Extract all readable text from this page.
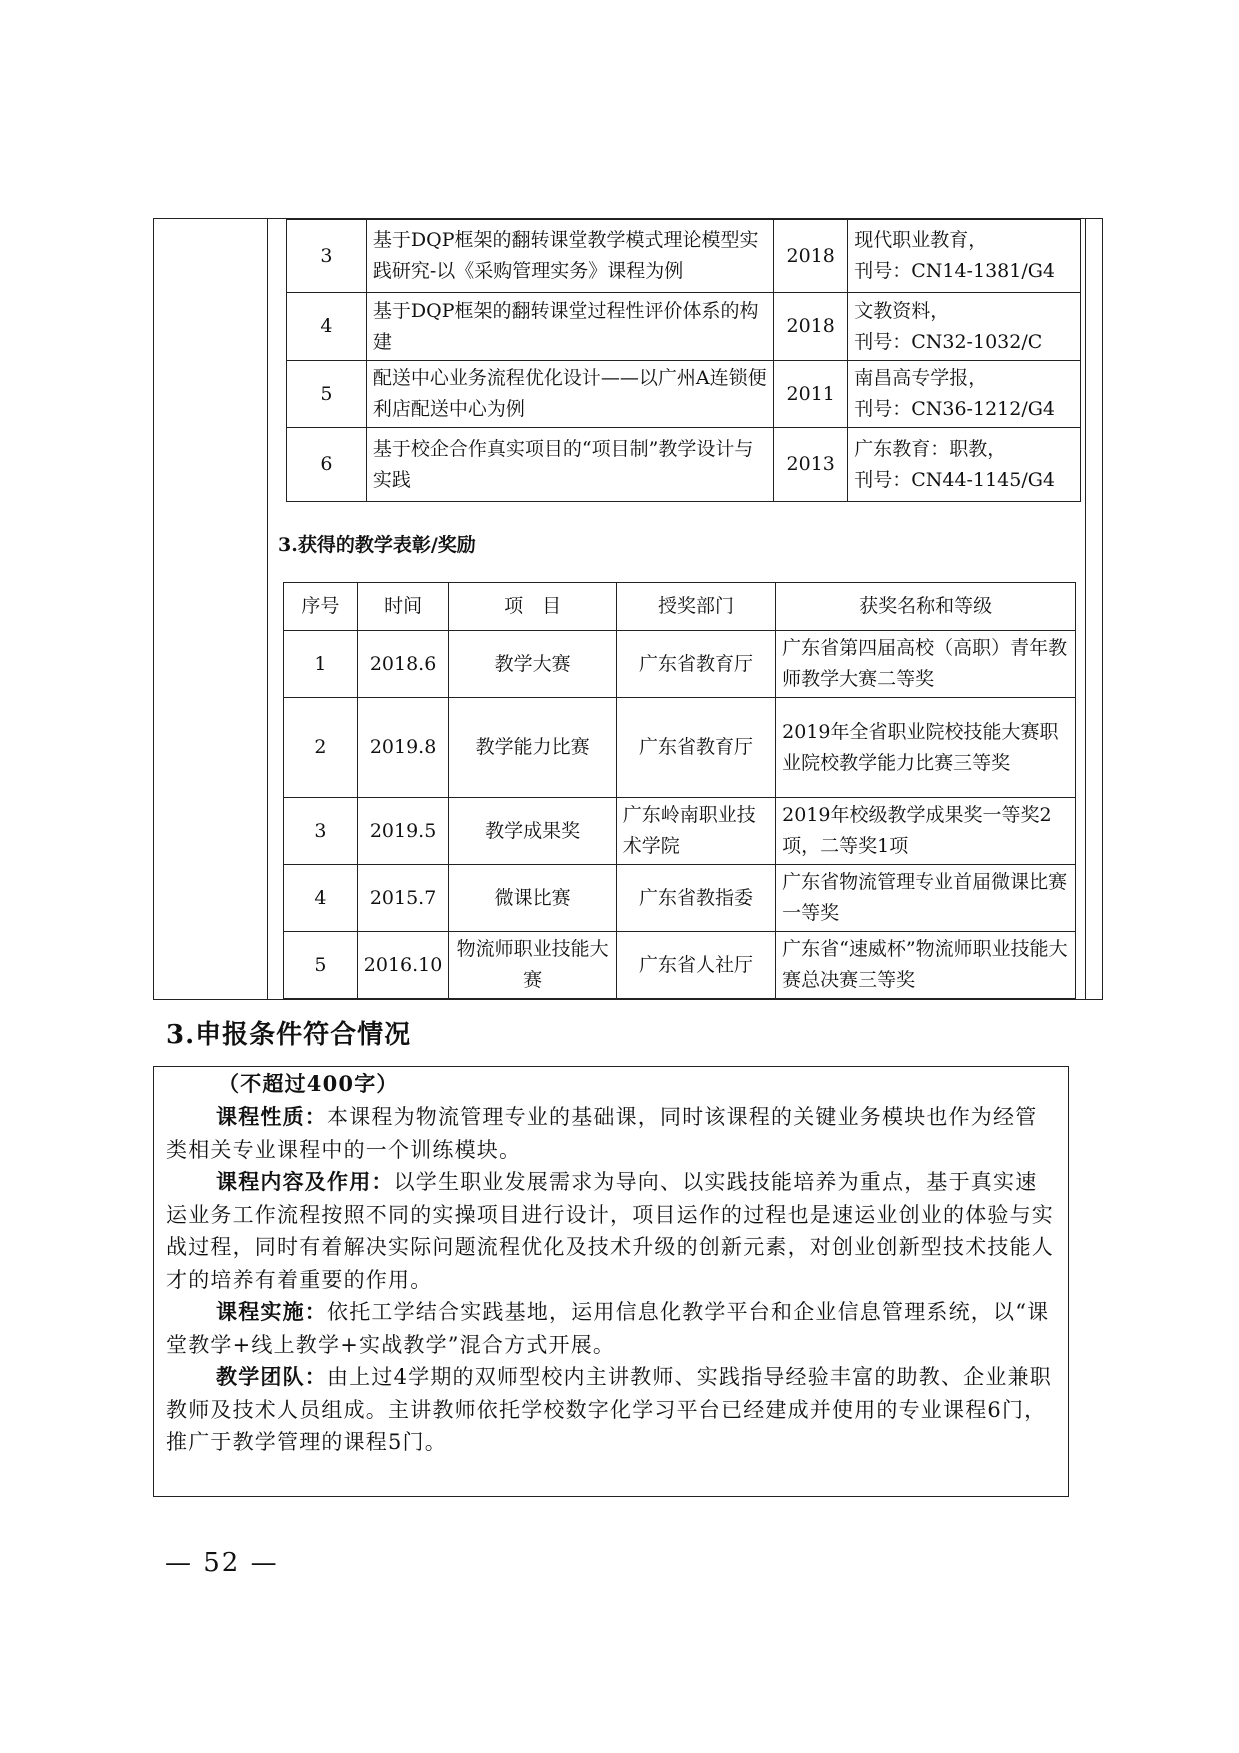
3	基于DQP框架的翻转课堂教学模式理论模型实践研究-以《采购管理实务》课程为例	2018	现代职业教育，
刊号：CN14-1381/G4
4	基于DQP框架的翻转课堂过程性评价体系的构建	2018	文教资料，
刊号：CN32-1032/C
5	配送中心业务流程优化设计——以广州A连锁便利店配送中心为例	2011	南昌高专学报，
刊号：CN36-1212/G4
6	基于校企合作真实项目的“项目制”教学设计与实践	2013	广东教育：职教，
刊号：CN44-1145/G4
3.获得的教学表彰/奖励
序号	时间	项　目	授奖部门	获奖名称和等级
1	2018.6	教学大赛	广东省教育厅	广东省第四届高校（高职）青年教师教学大赛二等奖
2	2019.8	教学能力比赛	广东省教育厅	2019年全省职业院校技能大赛职业院校教学能力比赛三等奖
3	2019.5	教学成果奖	广东岭南职业技术学院	2019年校级教学成果奖一等奖2项，二等奖1项
4	2015.7	微课比赛	广东省教指委	广东省物流管理专业首届微课比赛一等奖
5	2016.10	物流师职业技能大赛	广东省人社厅	广东省“速威杯”物流师职业技能大赛总决赛三等奖
3.申报条件符合情况
（不超过400字）
课程性质：本课程为物流管理专业的基础课，同时该课程的关键业务模块也作为经管类相关专业课程中的一个训练模块。
课程内容及作用：以学生职业发展需求为导向、以实践技能培养为重点，基于真实速运业务工作流程按照不同的实操项目进行设计，项目运作的过程也是速运业创业的体验与实战过程，同时有着解决实际问题流程优化及技术升级的创新元素，对创业创新型技术技能人才的培养有着重要的作用。
课程实施：依托工学结合实践基地，运用信息化教学平台和企业信息管理系统，以“课堂教学+线上教学+实战教学”混合方式开展。
教学团队：由上过4学期的双师型校内主讲教师、实践指导经验丰富的助教、企业兼职教师及技术人员组成。主讲教师依托学校数字化学习平台已经建成并使用的专业课程6门，推广于教学管理的课程5门。
— 52 —
